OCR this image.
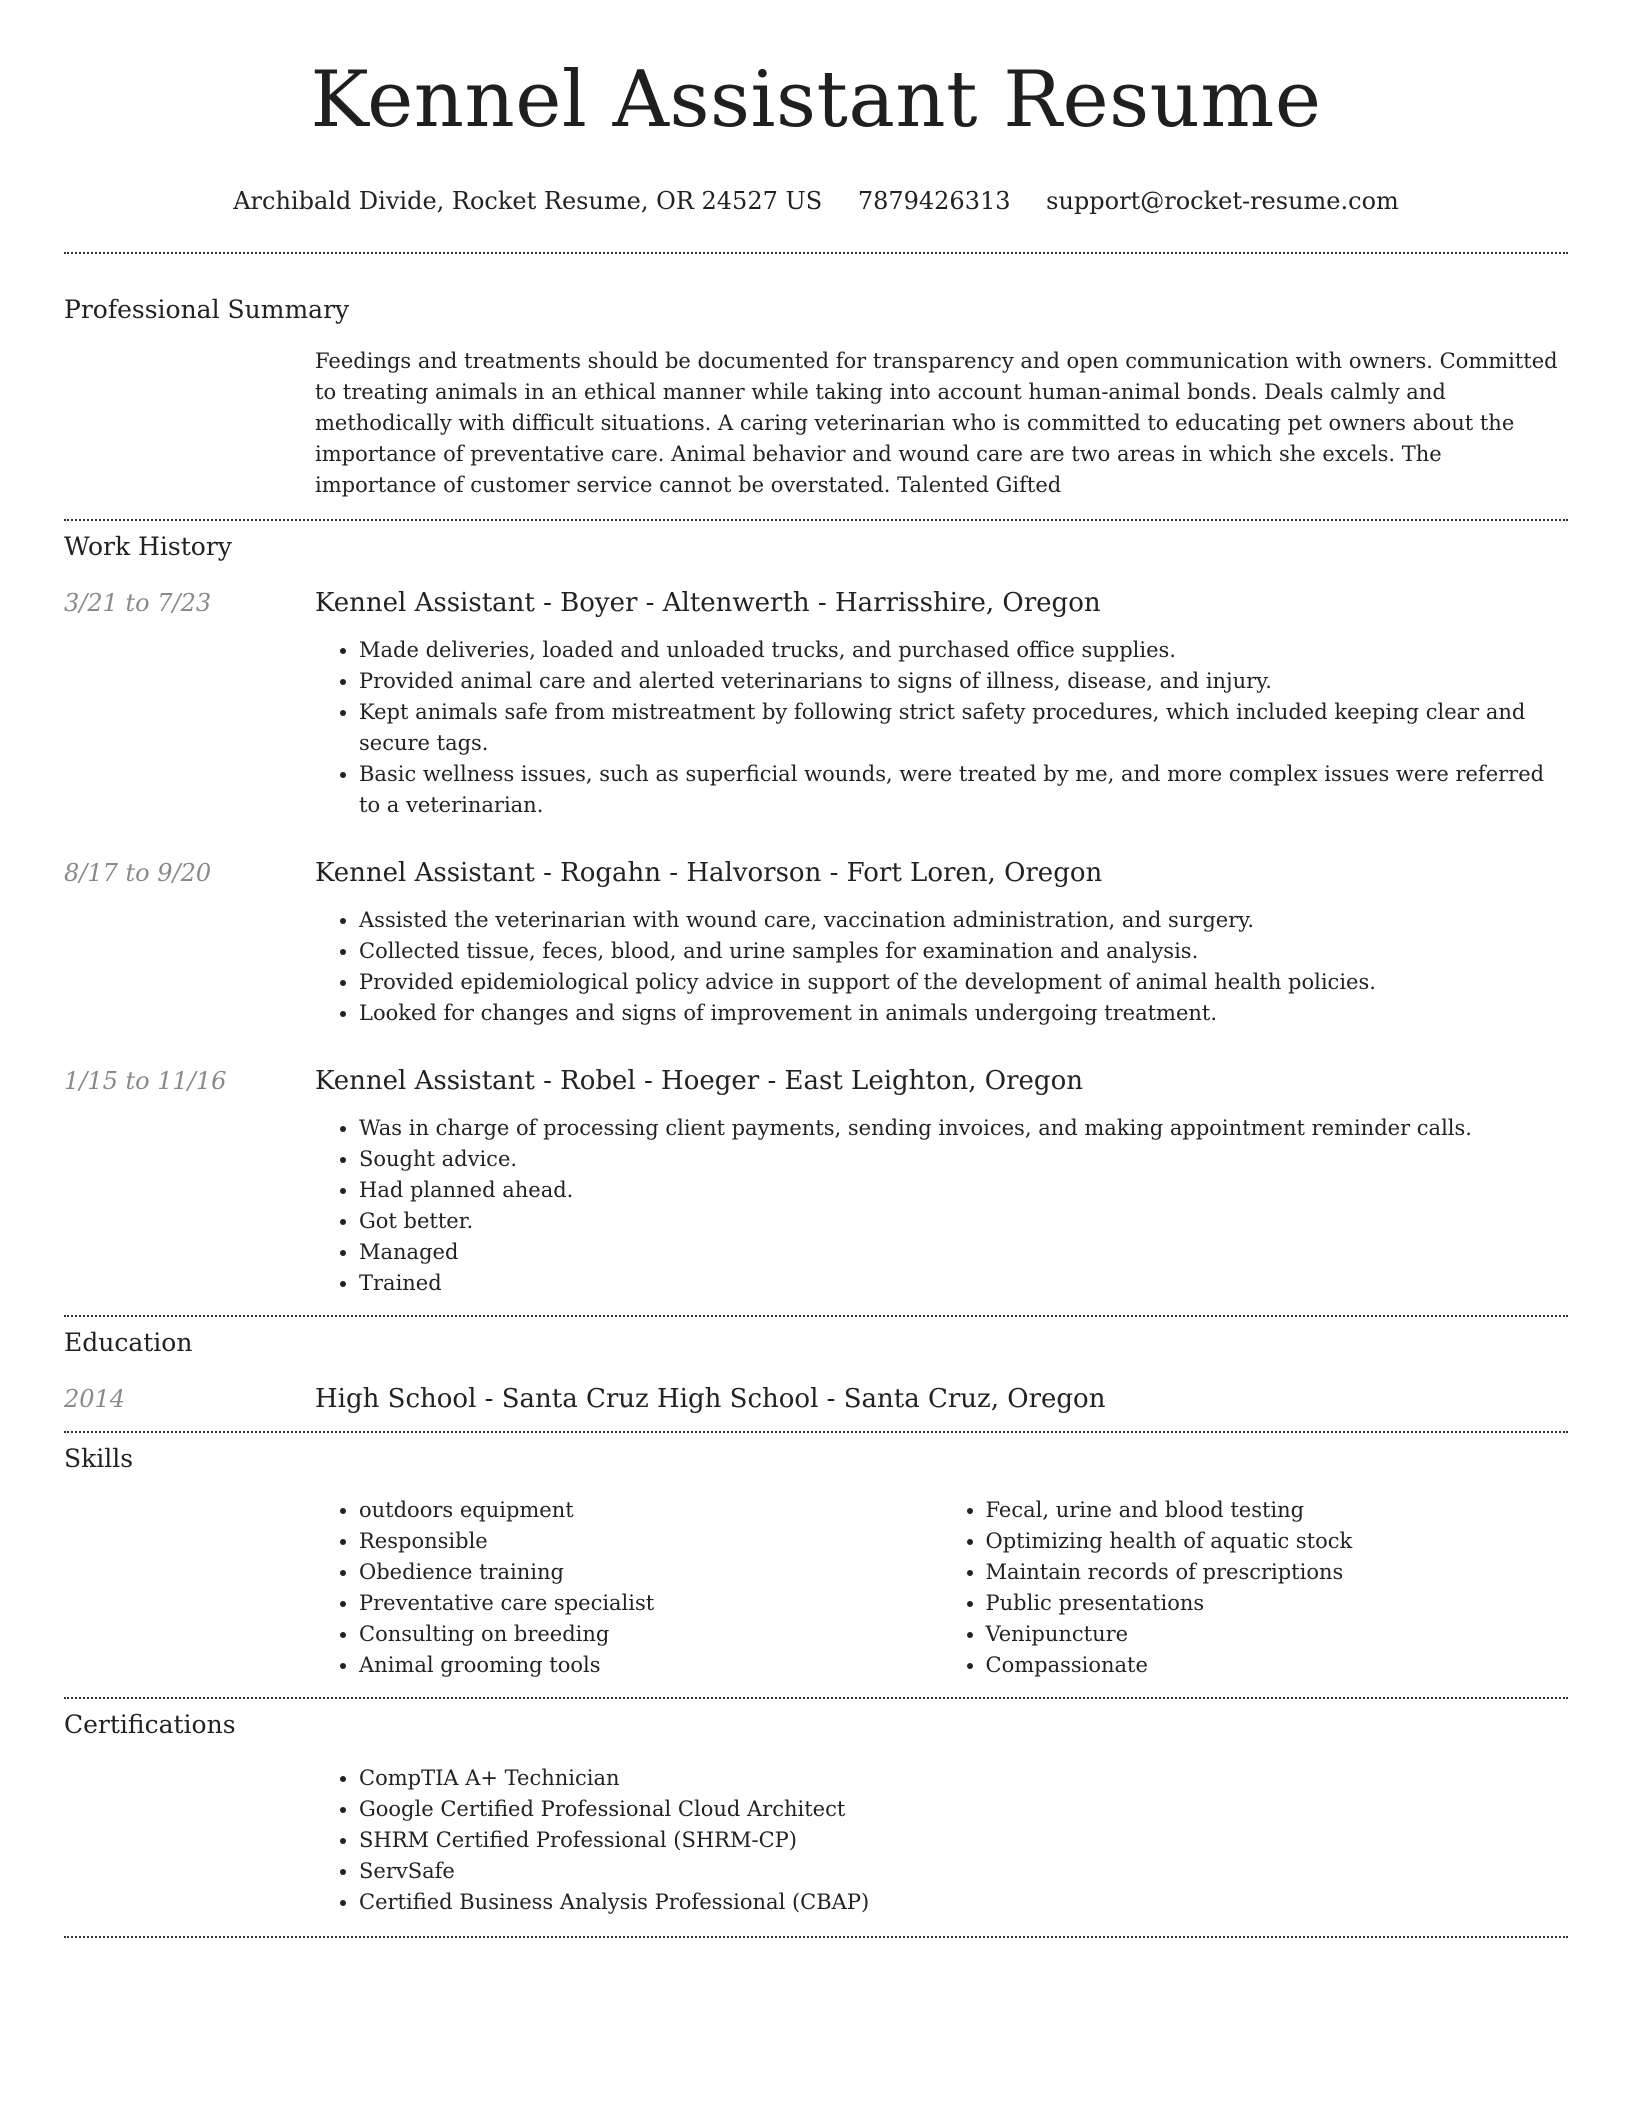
Kennel Assistant Resume
Archibald Divide, Rocket Resume, OR 24527 US 7879426313 support@rocket-resume.com
Professional Summary

Feedings and treatments should be documented for transparency and open communication with owners. Committed to treating animals in an ethical manner while taking into account human-animal bonds. Deals calmly and methodically with difficult situations. A caring veterinarian who is committed to educating pet owners about the importance of preventative care. Animal behavior and wound care are two areas in which she excels. The importance of customer service cannot be overstated. Talented Gifted

Work History
3/21 to 7/23	Kennel Assistant - Boyer - Altenwerth - Harrisshire, Oregon
• Made deliveries, loaded and unloaded trucks, and purchased office supplies.
• Provided animal care and alerted veterinarians to signs of illness, disease, and injury.
• Kept animals safe from mistreatment by following strict safety procedures, which included keeping clear and secure tags.
• Basic wellness issues, such as superficial wounds, were treated by me, and more complex issues were referred to a veterinarian.
8/17 to 9/20	Kennel Assistant - Rogahn - Halvorson - Fort Loren, Oregon
• Assisted the veterinarian with wound care, vaccination administration, and surgery.
• Collected tissue, feces, blood, and urine samples for examination and analysis.
• Provided epidemiological policy advice in support of the development of animal health policies.
• Looked for changes and signs of improvement in animals undergoing treatment.
1/15 to 11/16	Kennel Assistant - Robel - Hoeger - East Leighton, Oregon
• Was in charge of processing client payments, sending invoices, and making appointment reminder calls.
• Sought advice.
• Had planned ahead.
• Got better.
• Managed
• Trained
Education
2014	High School - Santa Cruz High School - Santa Cruz, Oregon
Skills
• outdoors equipment
• Responsible
• Obedience training
• Preventative care specialist
• Consulting on breeding
• Animal grooming tools
• Fecal, urine and blood testing
• Optimizing health of aquatic stock
• Maintain records of prescriptions
• Public presentations
• Venipuncture
• Compassionate
Certifications
• CompTIA A+ Technician
• Google Certified Professional Cloud Architect
• SHRM Certified Professional (SHRM-CP)
• ServSafe
• Certified Business Analysis Professional (CBAP)
